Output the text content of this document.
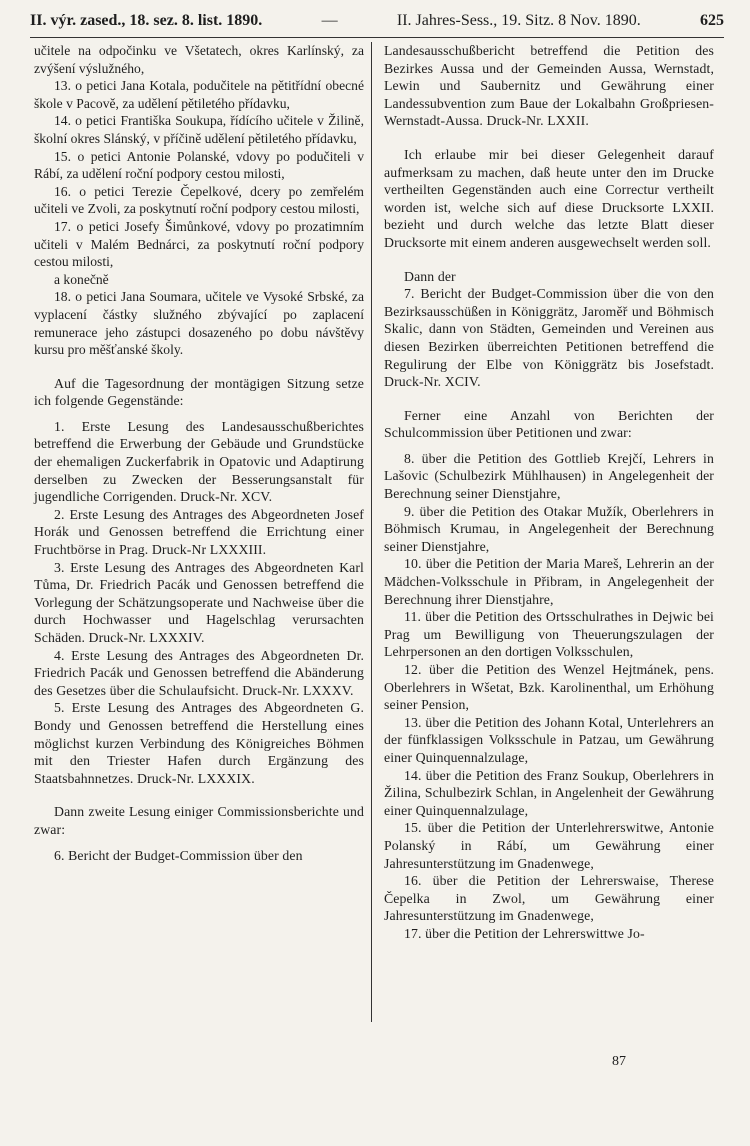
II. výr. zased., 18. sez. 8. list. 1890.	—	II. Jahres-Sess., 19. Sitz. 8 Nov. 1890.	625

učitele na odpočinku ve Všetatech, okres Karlínský, za zvýšení výslužného,

13. o petici Jana Kotala, podučitele na pětitřídní obecné škole v Pacově, za udělení pětiletého přídavku,

14. o petici Františka Soukupa, řídícího učitele v Žilině, školní okres Slánský, v příčině udělení pětiletého přídavku,

15. o petici Antonie Polanské, vdovy po podučiteli v Rábí, za udělení roční podpory cestou milosti,

16. o petici Terezie Čepelkové, dcery po zemřelém učiteli ve Zvoli, za poskytnutí roční podpory cestou milosti,

17. o petici Josefy Šimůnkové, vdovy po prozatimním učiteli v Malém Bednárci, za poskytnutí roční podpory cestou milosti,

a konečně

18. o petici Jana Soumara, učitele ve Vysoké Srbské, za vyplacení částky služného zbývající po zaplacení remunerace jeho zástupci dosazeného po dobu návštěvy kursu pro měšťanské školy.

Auf die Tagesordnung der montägigen Sitzung setze ich folgende Gegenstände:

1. Erste Lesung des Landesausschußberichtes betreffend die Erwerbung der Gebäude und Grundstücke der ehemaligen Zuckerfabrik in Opatovic und Adaptirung derselben zu Zwecken der Besserungsanstalt für jugendliche Corrigenden. Druck-Nr. XCV.

2. Erste Lesung des Antrages des Abgeordneten Josef Horák und Genossen betreffend die Errichtung einer Fruchtbörse in Prag. Druck-Nr LXXXIII.

3. Erste Lesung des Antrages des Abgeordneten Karl Tůma, Dr. Friedrich Pacák und Genossen betreffend die Vorlegung der Schätzungsoperate und Nachweise über die durch Hochwasser und Hagelschlag verursachten Schäden. Druck-Nr. LXXXIV.

4. Erste Lesung des Antrages des Abgeordneten Dr. Friedrich Pacák und Genossen betreffend die Abänderung des Gesetzes über die Schulaufsicht. Druck-Nr. LXXXV.

5. Erste Lesung des Antrages des Abgeordneten G. Bondy und Genossen betreffend die Herstellung eines möglichst kurzen Verbindung des Königreiches Böhmen mit den Triester Hafen durch Ergänzung des Staatsbahnnetzes. Druck-Nr. LXXXIX.

Dann zweite Lesung einiger Commissionsberichte und zwar:

6. Bericht der Budget-Commission über den

Landesausschußbericht betreffend die Petition des Bezirkes Aussa und der Gemeinden Aussa, Wernstadt, Lewin und Saubernitz und Gewährung einer Landessubvention zum Baue der Lokalbahn Großpriesen-Wernstadt-Aussa. Druck-Nr. LXXII.

Ich erlaube mir bei dieser Gelegenheit darauf aufmerksam zu machen, daß heute unter den im Drucke vertheilten Gegenständen auch eine Correctur vertheilt worden ist, welche sich auf diese Drucksorte LXXII. bezieht und durch welche das letzte Blatt dieser Drucksorte mit einem anderen ausgewechselt werden soll.

Dann der

7. Bericht der Budget-Commission über die von den Bezirksausschüßen in Königgrätz, Jaroměř und Böhmisch Skalic, dann von Städten, Gemeinden und Vereinen aus diesen Bezirken überreichten Petitionen betreffend die Regulirung der Elbe von Königgrätz bis Josefstadt. Druck-Nr. XCIV.

Ferner eine Anzahl von Berichten der Schulcommission über Petitionen und zwar:

8. über die Petition des Gottlieb Krejčí, Lehrers in Lašovic (Schulbezirk Mühlhausen) in Angelegenheit der Berechnung seiner Dienstjahre,

9. über die Petition des Otakar Mužík, Oberlehrers in Böhmisch Krumau, in Angelegenheit der Berechnung seiner Dienstjahre,

10. über die Petition der Maria Mareš, Lehrerin an der Mädchen-Volksschule in Přibram, in Angelegenheit der Berechnung ihrer Dienstjahre,

11. über die Petition des Ortsschulrathes in Dejwic bei Prag um Bewilligung von Theuerungszulagen der Lehrpersonen an den dortigen Volksschulen,

12. über die Petition des Wenzel Hejtmánek, pens. Oberlehrers in Wšetat, Bzk. Karolinenthal, um Erhöhung seiner Pension,

13. über die Petition des Johann Kotal, Unterlehrers an der fünfklassigen Volksschule in Patzau, um Gewährung einer Quinquennalzulage,

14. über die Petition des Franz Soukup, Oberlehrers in Žilina, Schulbezirk Schlan, in Angelenheit der Gewährung einer Quinquennalzulage,

15. über die Petition der Unterlehrerswitwe, Antonie Polanský in Rábí, um Gewährung einer Jahresunterstützung im Gnadenwege,

16. über die Petition der Lehrerswaise, Therese Čepelka in Zwol, um Gewährung einer Jahresunterstützung im Gnadenwege,

17. über die Petition der Lehrerswittwe Jo-

87
